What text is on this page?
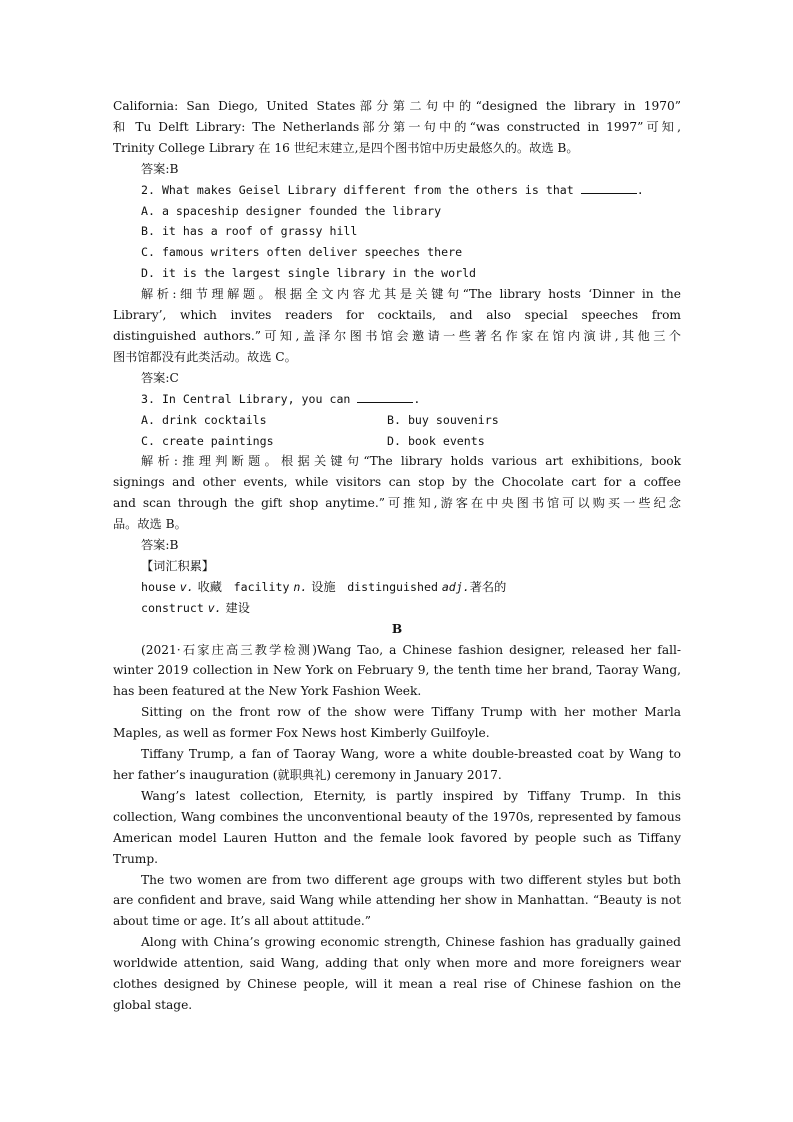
California: San Diego, United States部分第二句中的“designed the library in 1970”
和 Tu Delft Library: The Netherlands部分第一句中的“was constructed in 1997”可知,
Trinity College Library 在 16 世纪末建立,是四个图书馆中历史最悠久的。故选 B。
答案:B
2. What makes Geisel Library different from the others is that	.
A. a spaceship designer founded the library
B. it has a roof of grassy hill
C. famous writers often deliver speeches there
D. it is the largest single library in the world
解析:细节理解题。根据全文内容尤其是关键句“The library hosts ‘Dinner in the
Library’, which invites readers for cocktails, and also special speeches from
distinguished authors.”可知,盖泽尔图书馆会邀请一些著名作家在馆内演讲,其他三个
图书馆都没有此类活动。故选 C。
答案:C
3. In Central Library, you can	.
A. drink cocktails	B. buy souvenirs
C. create paintings	D. book events
解析:推理判断题。根据关键句“The library holds various art exhibitions, book
signings and other events, while visitors can stop by the Chocolate cart for a coffee
and scan through the gift shop anytime.”可推知,游客在中央图书馆可以购买一些纪念
品。故选 B。
答案:B
【词汇积累】
house v. 收藏 facility n. 设施 distinguished adj.著名的
construct v. 建设
B

(2021·石家庄高三教学检测)Wang Tao, a Chinese fashion designer, released her fall-winter 2019 collection in New York on February 9, the tenth time her brand, Taoray Wang, has been featured at the New York Fashion Week.

Sitting on the front row of the show were Tiffany Trump with her mother Marla Maples, as well as former Fox News host Kimberly Guilfoyle.

Tiffany Trump, a fan of Taoray Wang, wore a white double-breasted coat by Wang to her father’s inauguration (就职典礼) ceremony in January 2017.

Wang’s latest collection, Eternity, is partly inspired by Tiffany Trump. In this collection, Wang combines the unconventional beauty of the 1970s, represented by famous American model Lauren Hutton and the female look favored by people such as Tiffany Trump.

The two women are from two different age groups with two different styles but both are confident and brave, said Wang while attending her show in Manhattan. “Beauty is not about time or age. It’s all about attitude.”

Along with China’s growing economic strength, Chinese fashion has gradually gained worldwide attention, said Wang, adding that only when more and more foreigners wear clothes designed by Chinese people, will it mean a real rise of Chinese fashion on the global stage.
